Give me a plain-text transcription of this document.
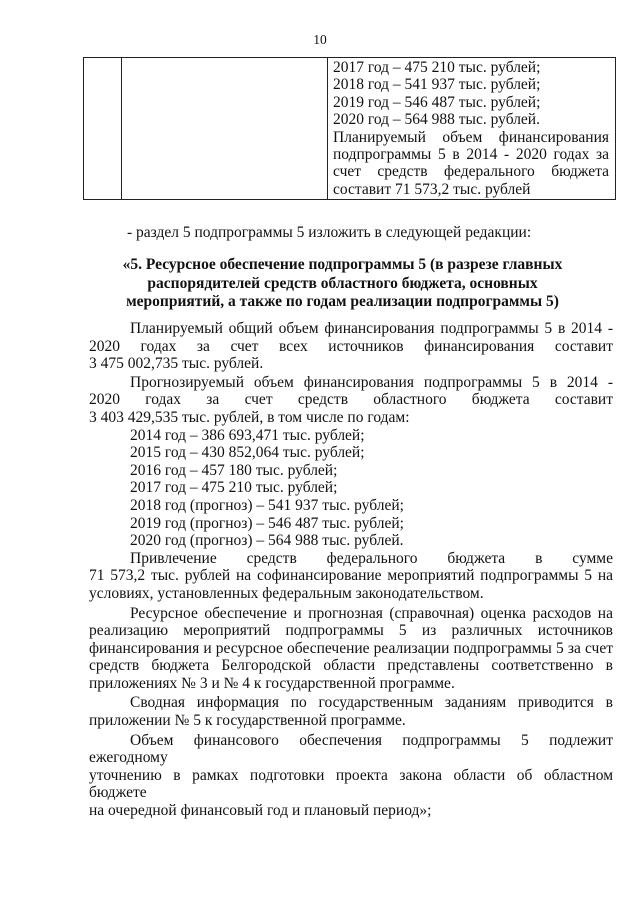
10

2017 год – 475 210 тыс. рублей;
2018 год – 541 937 тыс. рублей;
2019 год – 546 487 тыс. рублей;
2020 год – 564 988 тыс. рублей.
Планируемый объем финансирования
подпрограммы 5 в 2014 - 2020 годах за
счет средств федерального бюджета
составит 71 573,2 тыс. рублей
- раздел 5 подпрограммы 5 изложить в следующей редакции:
«5. Ресурсное обеспечение подпрограммы 5 (в разрезе главных
распорядителей средств областного бюджета, основных
мероприятий, а также по годам реализации подпрограммы 5)

Планируемый общий объем финансирования подпрограммы 5 в 2014 -
2020 годах за счет всех источников финансирования составит
3 475 002,735 тыс. рублей.

Прогнозируемый объем финансирования подпрограммы 5 в 2014 -
2020 годах за счет средств областного бюджета составит
3 403 429,535 тыс. рублей, в том числе по годам:

2014 год – 386 693,471 тыс. рублей;
2015 год – 430 852,064 тыс. рублей;
2016 год – 457 180 тыс. рублей;
2017 год – 475 210 тыс. рублей;
2018 год (прогноз) – 541 937 тыс. рублей;
2019 год (прогноз) – 546 487 тыс. рублей;
2020 год (прогноз) – 564 988 тыс. рублей.

Привлечение средств федерального бюджета в сумме
71 573,2 тыс. рублей на софинансирование мероприятий подпрограммы 5 на
условиях, установленных федеральным законодательством.

Ресурсное обеспечение и прогнозная (справочная) оценка расходов на
реализацию мероприятий подпрограммы 5 из различных источников
финансирования и ресурсное обеспечение реализации подпрограммы 5 за счет
средств бюджета Белгородской области представлены соответственно в
приложениях № 3 и № 4 к государственной программе.

Сводная информация по государственным заданиям приводится в
приложении № 5 к государственной программе.

Объем финансового обеспечения подпрограммы 5 подлежит ежегодному
уточнению в рамках подготовки проекта закона области об областном бюджете
на очередной финансовый год и плановый период»;
